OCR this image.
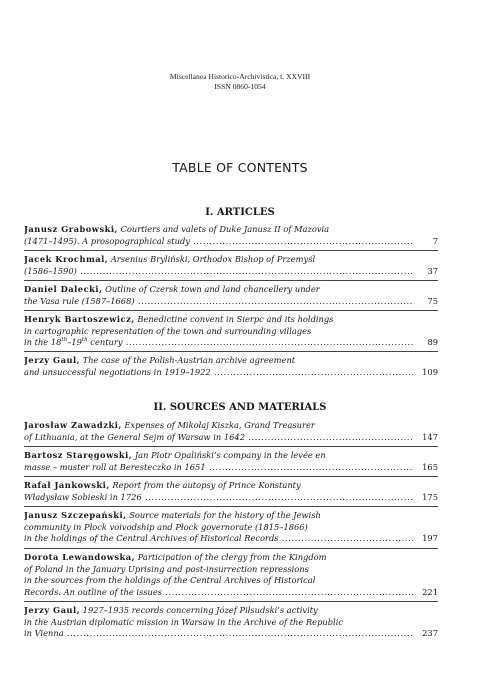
Miscellanea Historico-Archivistica, t. XXVIII
ISSN 0860-1054
TABLE OF CONTENTS
I. ARTICLES
Janusz Grabowski, Courtiers and valets of Duke Janusz II of Mazovia
(1471–1495). A prosopographical study .....	7
Jacek Krochmal, Arsenius Bryliński, Orthodox Bishop of Przemyśl
(1586–1590) .....	37
Daniel Dalecki, Outline of Czersk town and land chancellery under
the Vasa rule (1587–1668) .....	75
Henryk Bartoszewicz, Benedictine convent in Sierpc and its holdings
in cartographic representation of the town and surrounding villages
in the 18th–19th century .....	89
Jerzy Gaul, The case of the Polish-Austrian archive agreement
and unsuccessful negotiations in 1919–1922 .....	109
II. SOURCES AND MATERIALS
Jarosław Zawadzki, Expenses of Mikołaj Kiszka, Grand Treasurer
of Lithuania, at the General Sejm of Warsaw in 1642 .....	147
Bartosz Staręgowski, Jan Piotr Opaliński’s company in the levée en
masse – muster roll at Beresteczko in 1651 .....	165
Rafał Jankowski, Report from the autopsy of Prince Konstanty
Władysław Sobieski in 1726 .....	175
Janusz Szczepański, Source materials for the history of the Jewish
community in Płock voivodship and Płock governorate (1815–1866)
in the holdings of the Central Archives of Historical Records .....	197
Dorota Lewandowska, Participation of the clergy from the Kingdom
of Poland in the January Uprising and post-insurrection repressions
in the sources from the holdings of the Central Archives of Historical
Records. An outline of the issues .....	221
Jerzy Gaul, 1927–1935 records concerning Józef Piłsudski’s activity
in the Austrian diplomatic mission in Warsaw in the Archive of the Republic
in Vienna .....	237
